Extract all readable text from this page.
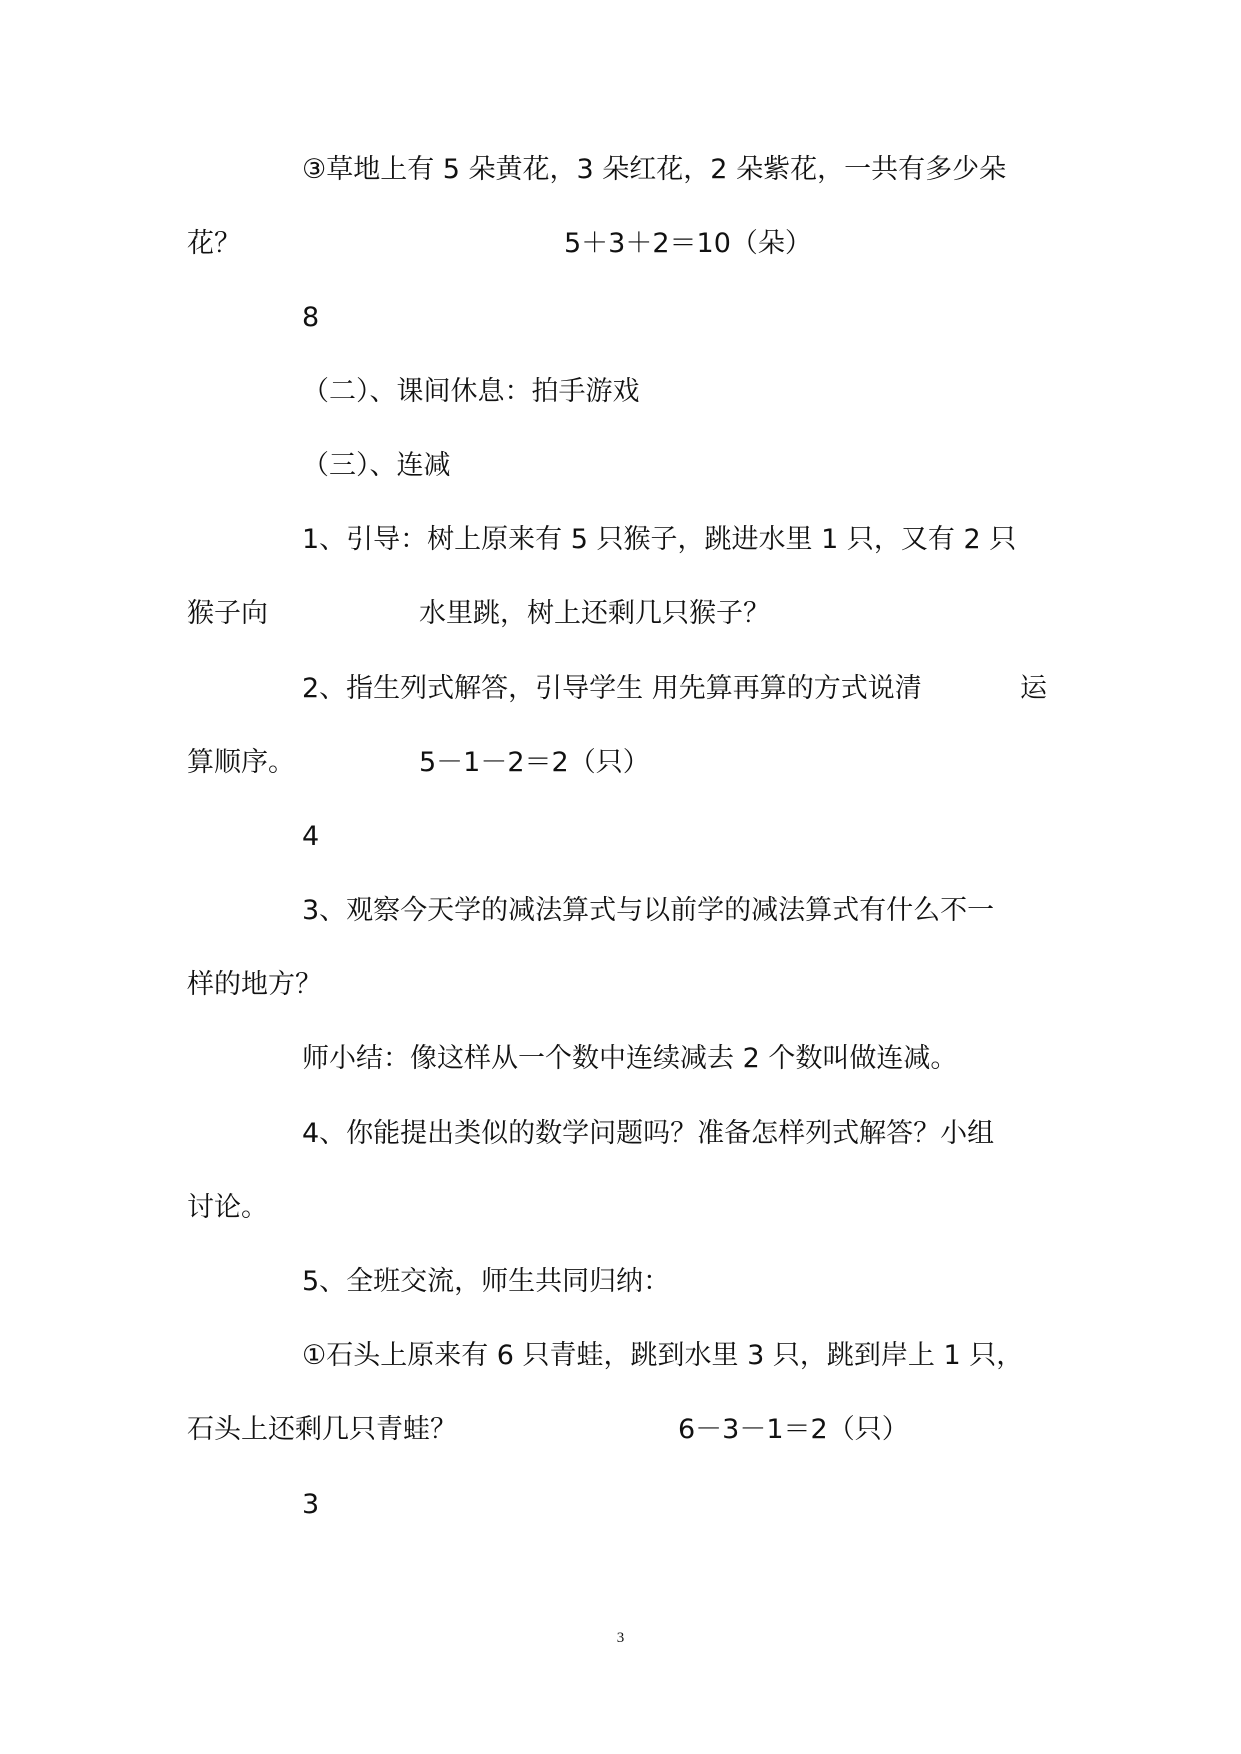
③草地上有 5 朵黄花，3 朵红花，2 朵紫花，一共有多少朵
花？	5＋3＋2＝10（朵）
8
（二）、课间休息：拍手游戏
（三）、连减
1、引导：树上原来有 5 只猴子，跳进水里 1 只，又有 2 只
猴子向	水里跳，树上还剩几只猴子？
2、指生列式解答，引导学生 用先算再算的方式说清	运
算顺序。	5－1－2＝2（只）
4
3、观察今天学的减法算式与以前学的减法算式有什么不一
样的地方？
师小结：像这样从一个数中连续减去 2 个数叫做连减。
4、你能提出类似的数学问题吗？准备怎样列式解答？小组
讨论。
5、全班交流，师生共同归纳：
①石头上原来有 6 只青蛙，跳到水里 3 只，跳到岸上 1 只，
石头上还剩几只青蛙？	6－3－1＝2（只）
3
3
